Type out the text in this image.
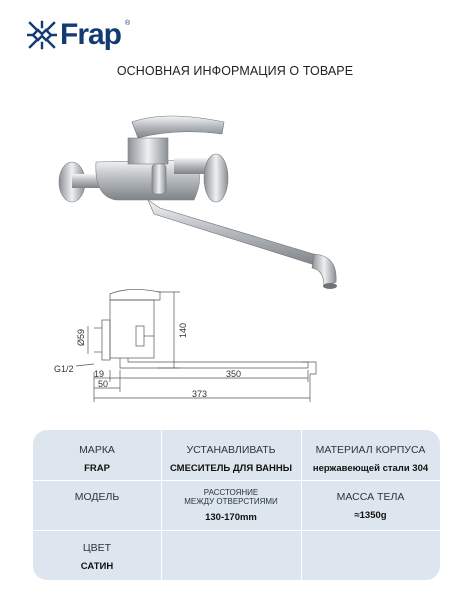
Frap ®
ОСНОВНАЯ ИНФОРМАЦИЯ О ТОВАРЕ
Ø59
G1/2
140
19
50
350
373
МАРКА
FRAP
УСТАНАВЛИВАТЬ
СМЕСИТЕЛЬ ДЛЯ ВАННЫ
МАТЕРИАЛ КОРПУСА
нержавеющей стали 304
МОДЕЛЬ	РАССТОЯНИЕ
МЕЖДУ ОТВЕРСТИЯМИ
130-170mm
МАССА ТЕЛА
≈1350g
ЦВЕТ
САТИН
